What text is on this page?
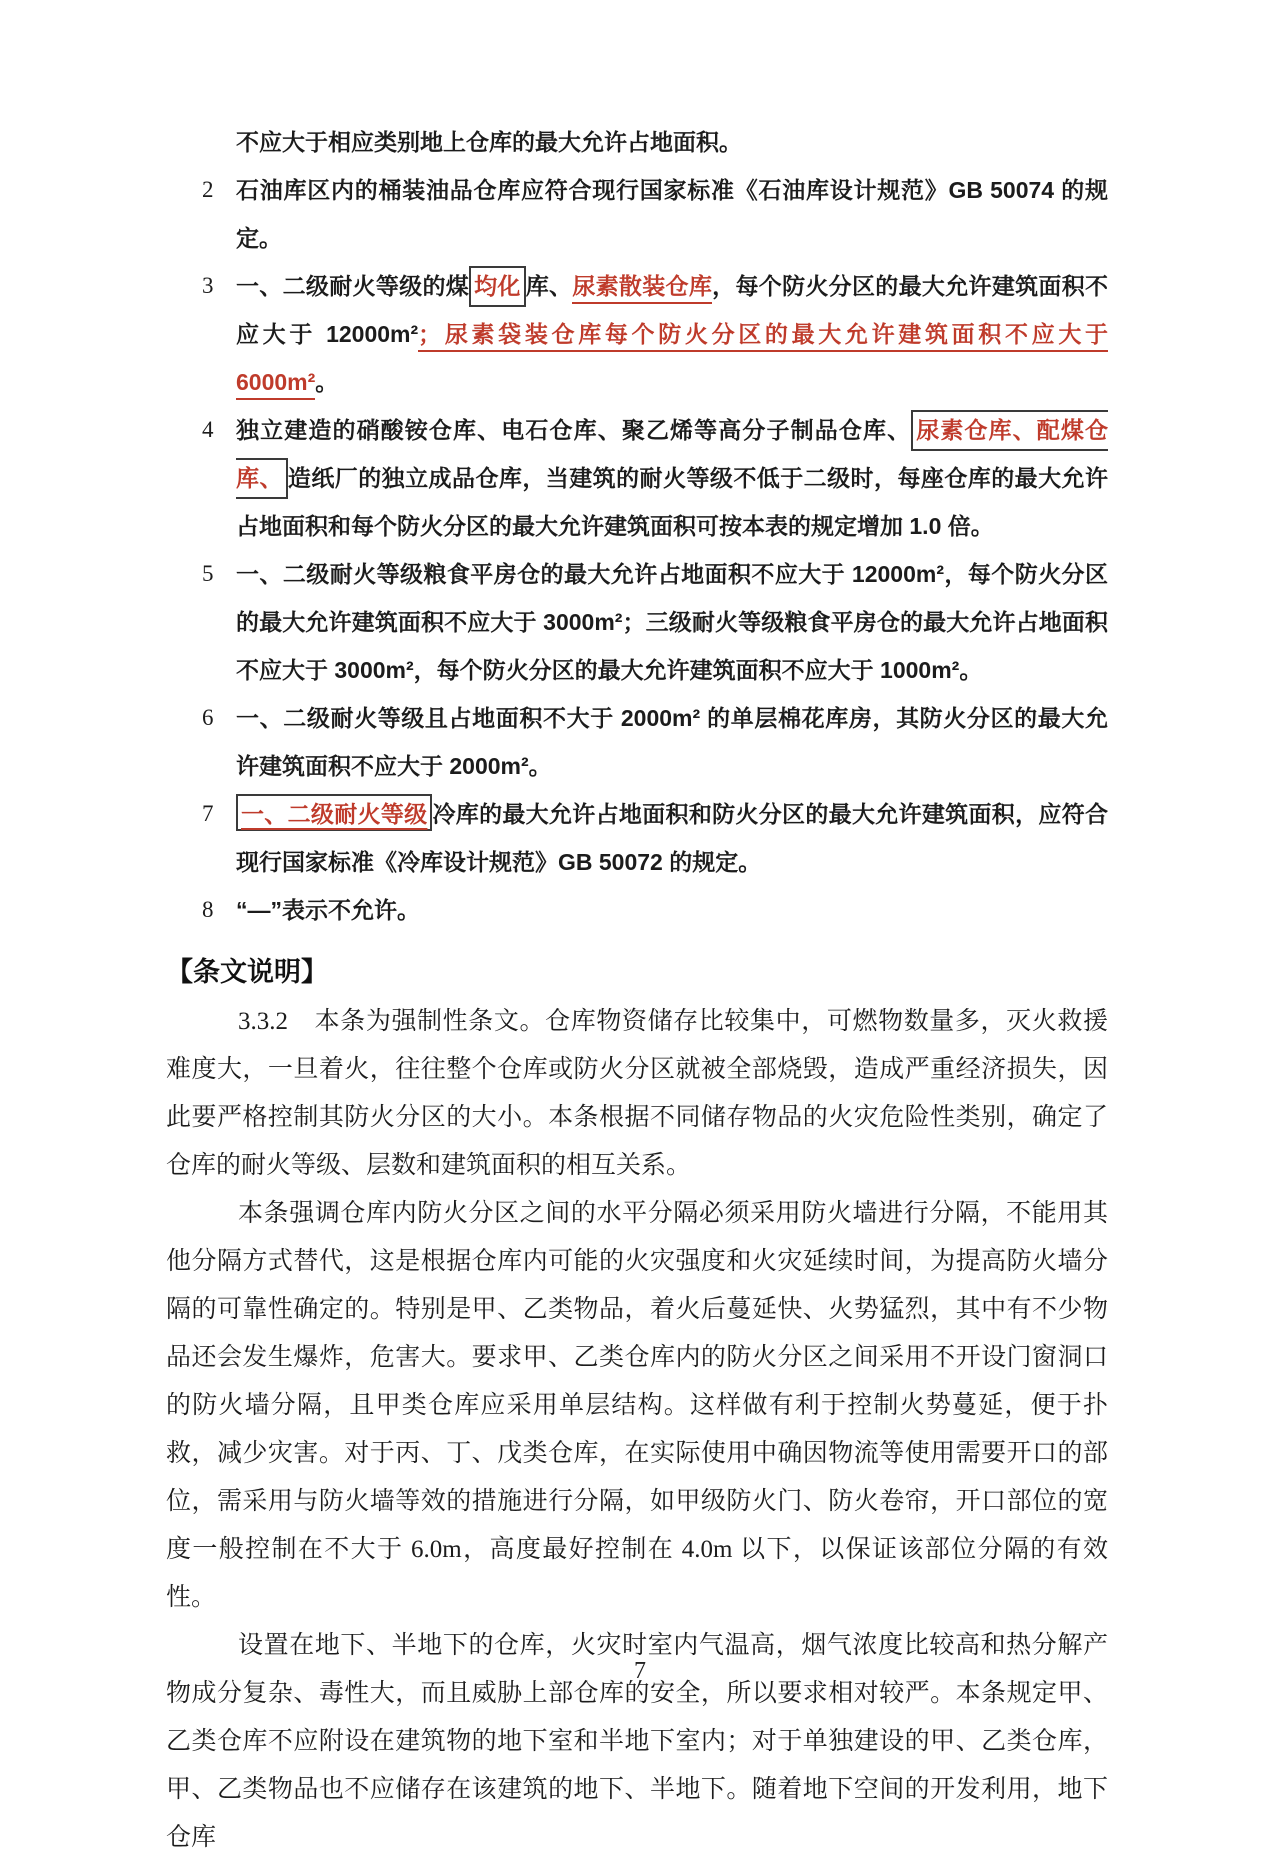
不应大于相应类别地上仓库的最大允许占地面积。
2 石油库区内的桶装油品仓库应符合现行国家标准《石油库设计规范》GB 50074 的规定。
3 一、二级耐火等级的煤 均化 库、尿素散装仓库，每个防火分区的最大允许建筑面积不应大于 12000m²；尿素袋装仓库每个防火分区的最大允许建筑面积不应大于 6000m²。
4 独立建造的硝酸铵仓库、电石仓库、聚乙烯等高分子制品仓库、 尿素仓库、配煤仓库、 造纸厂的独立成品仓库，当建筑的耐火等级不低于二级时，每座仓库的最大允许占地面积和每个防火分区的最大允许建筑面积可按本表的规定增加 1.0 倍。
5 一、二级耐火等级粮食平房仓的最大允许占地面积不应大于 12000m²，每个防火分区的最大允许建筑面积不应大于 3000m²；三级耐火等级粮食平房仓的最大允许占地面积不应大于 3000m²，每个防火分区的最大允许建筑面积不应大于 1000m²。
6 一、二级耐火等级且占地面积不大于 2000m² 的单层棉花库房，其防火分区的最大允许建筑面积不应大于 2000m²。
7	一、二级耐火等级 冷库的最大允许占地面积和防火分区的最大允许建筑面积，应符合现行国家标准《冷库设计规范》GB 50072 的规定。
8 “—”表示不允许。
【条文说明】

3.3.2 本条为强制性条文。仓库物资储存比较集中，可燃物数量多，灭火救援难度大，一旦着火，往往整个仓库或防火分区就被全部烧毁，造成严重经济损失，因此要严格控制其防火分区的大小。本条根据不同储存物品的火灾危险性类别，确定了仓库的耐火等级、层数和建筑面积的相互关系。

本条强调仓库内防火分区之间的水平分隔必须采用防火墙进行分隔，不能用其他分隔方式替代，这是根据仓库内可能的火灾强度和火灾延续时间，为提高防火墙分隔的可靠性确定的。特别是甲、乙类物品，着火后蔓延快、火势猛烈，其中有不少物品还会发生爆炸，危害大。要求甲、乙类仓库内的防火分区之间采用不开设门窗洞口的防火墙分隔，且甲类仓库应采用单层结构。这样做有利于控制火势蔓延，便于扑救，减少灾害。对于丙、丁、戊类仓库，在实际使用中确因物流等使用需要开口的部位，需采用与防火墙等效的措施进行分隔，如甲级防火门、防火卷帘，开口部位的宽度一般控制在不大于 6.0m，高度最好控制在 4.0m 以下，以保证该部位分隔的有效性。

设置在地下、半地下的仓库，火灾时室内气温高，烟气浓度比较高和热分解产物成分复杂、毒性大，而且威胁上部仓库的安全，所以要求相对较严。本条规定甲、乙类仓库不应附设在建筑物的地下室和半地下室内；对于单独建设的甲、乙类仓库，甲、乙类物品也不应储存在该建筑的地下、半地下。随着地下空间的开发利用，地下仓库

7
